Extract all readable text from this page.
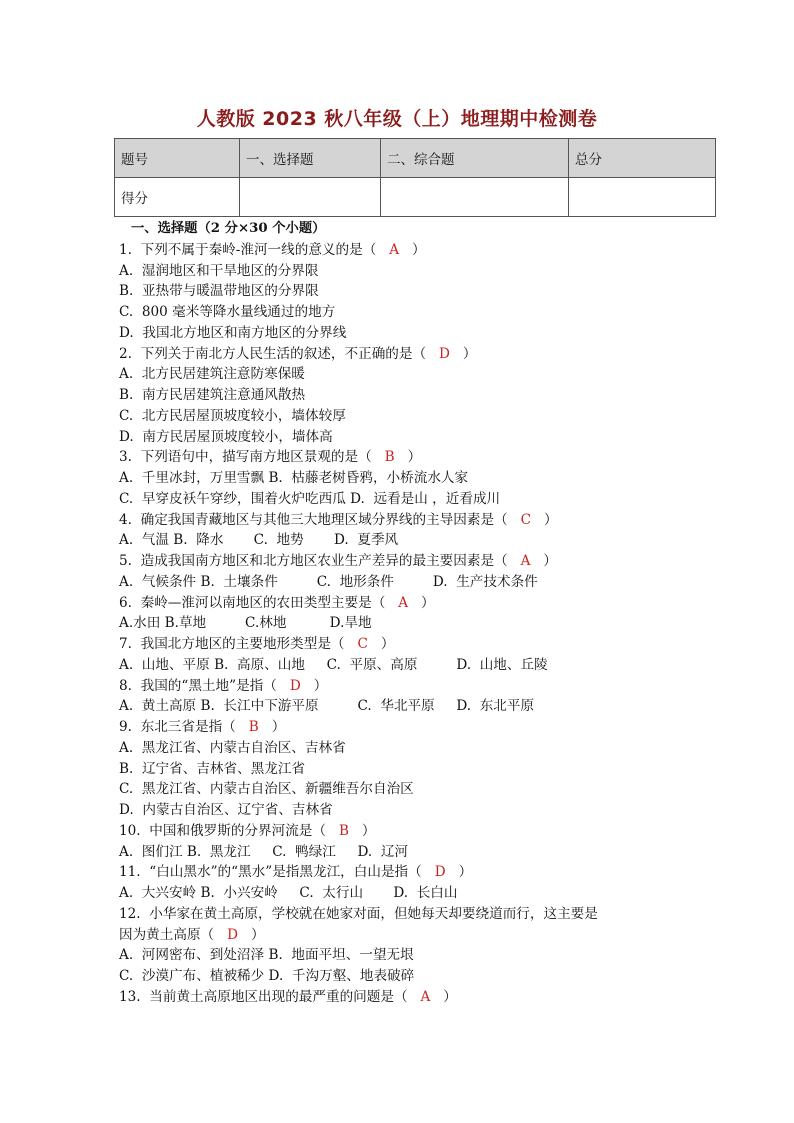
人教版 2023 秋八年级（上）地理期中检测卷
题号	一、选择题	二、综合题	总分
得分			
一、选择题（2 分×30 个小题）
1.  下列不属于秦岭-淮河一线的意义的是（   A   ）
A.  湿润地区和干旱地区的分界限
B.  亚热带与暖温带地区的分界限
C.  800 毫米等降水量线通过的地方
D.  我国北方地区和南方地区的分界线
2.  下列关于南北方人民生活的叙述，不正确的是（   D   ）
A.  北方民居建筑注意防寒保暖
B.  南方民居建筑注意通风散热
C.  北方民居屋顶坡度较小，墙体较厚
D.  南方民居屋顶坡度较小，墙体高
3.  下列语句中，描写南方地区景观的是（   B   ）
A.  千里冰封，万里雪飘 B.  枯藤老树昏鸦，小桥流水人家
C.  早穿皮袄午穿纱，围着火炉吃西瓜 D.  远看是山 ，近看成川
4.  确定我国青藏地区与其他三大地理区域分界线的主导因素是（   C   ）
A.  气温 B.  降水       C.  地势       D.  夏季风
5.  造成我国南方地区和北方地区农业生产差异的最主要因素是（   A   ）
A.  气候条件 B.  土壤条件         C.  地形条件         D.  生产技术条件
6.  秦岭—淮河以南地区的农田类型主要是（   A   ）
A.水田 B.草地         C.林地          D.旱地
7.  我国北方地区的主要地形类型是（   C   ）
A.  山地、平原 B.  高原、山地     C.  平原、高原         D.  山地、丘陵
8.  我国的“黑土地”是指（   D   ）
A.  黄土高原 B.  长江中下游平原         C.  华北平原     D.  东北平原
9.  东北三省是指（   B   ）
A.  黑龙江省、内蒙古自治区、吉林省
B.  辽宁省、吉林省、黑龙江省
C.  黑龙江省、内蒙古自治区、新疆维吾尔自治区
D.  内蒙古自治区、辽宁省、吉林省
10.  中国和俄罗斯的分界河流是（   B   ）
A.  图们江 B.  黑龙江     C.  鸭绿江     D.  辽河
11.  “白山黑水”的“黑水”是指黑龙江，白山是指（   D   ）
A.  大兴安岭 B.  小兴安岭     C.  太行山       D.  长白山
12.  小华家在黄土高原，学校就在她家对面，但她每天却要绕道而行，这主要是
因为黄土高原（   D   ）
A.  河网密布、到处沼泽 B.  地面平坦、一望无垠
C.  沙漠广布、植被稀少 D.  千沟万壑、地表破碎
13.  当前黄土高原地区出现的最严重的问题是（   A   ）
